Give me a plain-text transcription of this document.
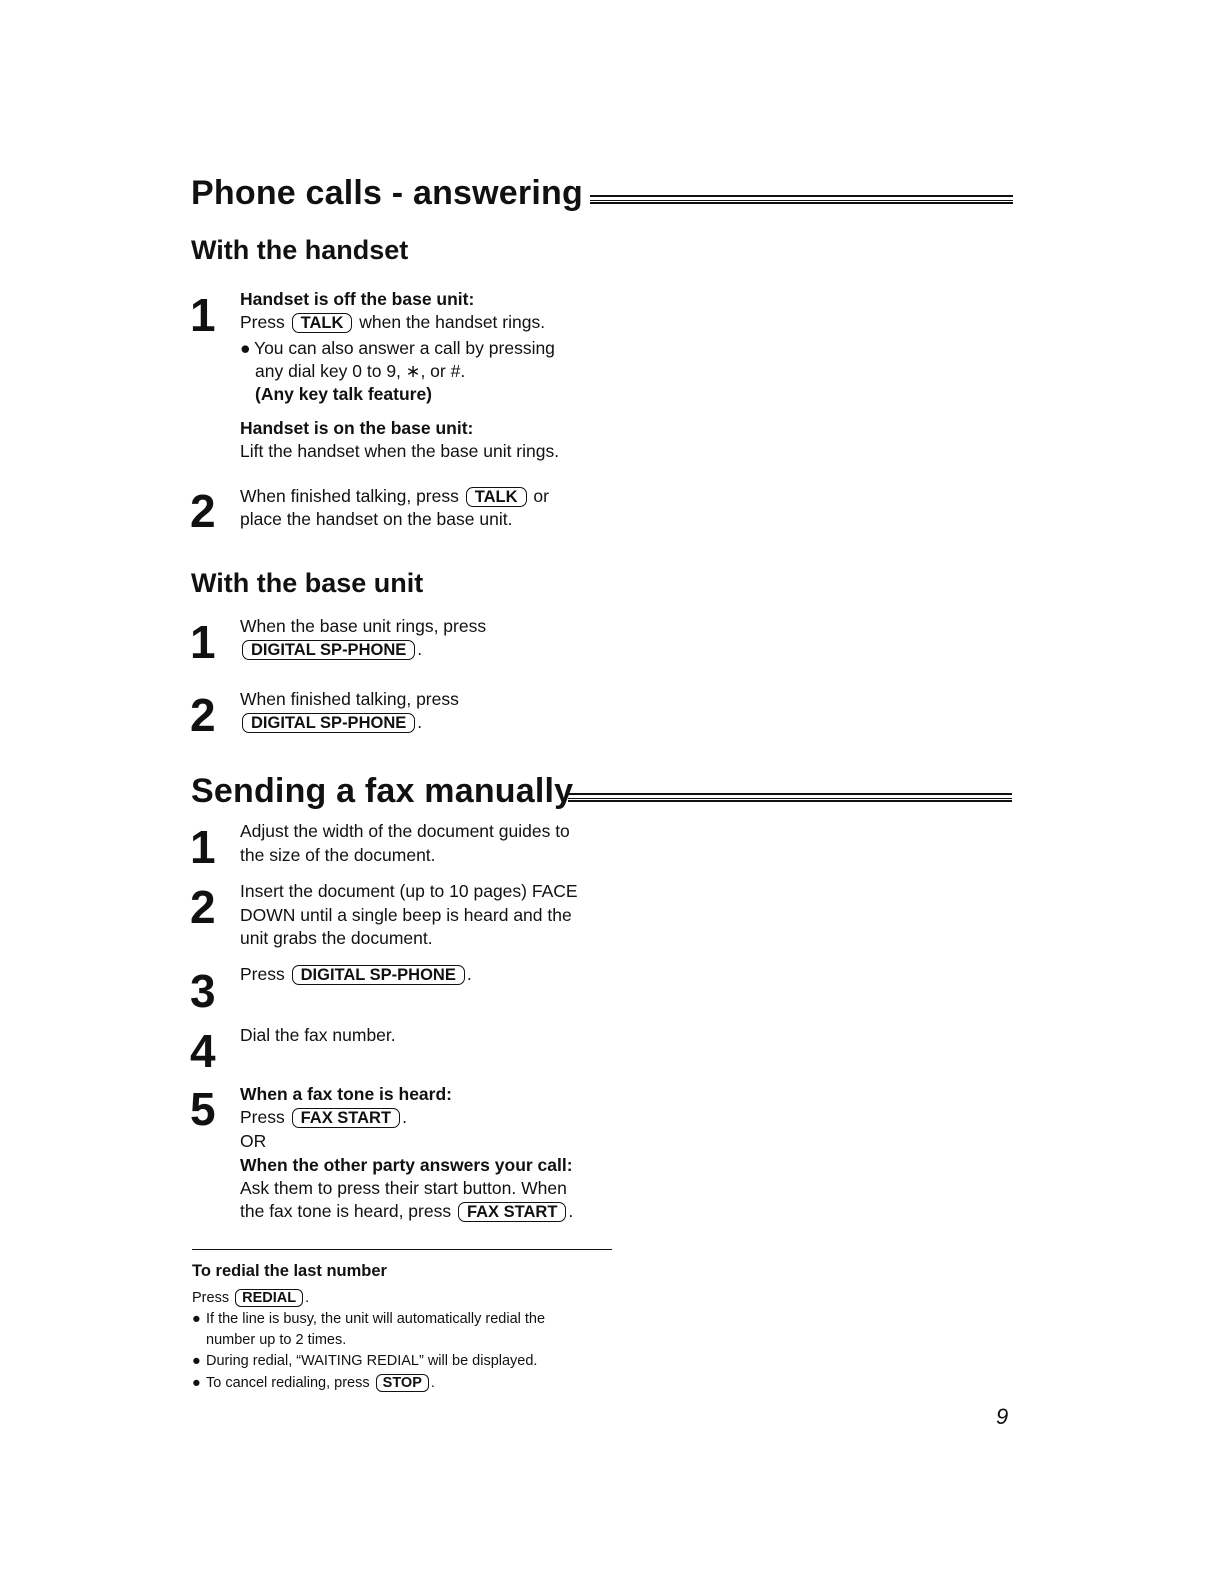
Phone calls - answering
With the handset
1 Handset is off the base unit:
Press TALK when the handset rings.
● You can also answer a call by pressing
any dial key 0 to 9, ∗, or #.
(Any key talk feature)
Handset is on the base unit:
Lift the handset when the base unit rings.
2 When finished talking, press TALK or
place the handset on the base unit.
With the base unit
1 When the base unit rings, press
DIGITAL SP-PHONE .
2 When finished talking, press
DIGITAL SP-PHONE .
Sending a fax manually
1 Adjust the width of the document guides to
the size of the document.
2 Insert the document (up to 10 pages) FACE
DOWN until a single beep is heard and the
unit grabs the document.
3 Press DIGITAL SP-PHONE .
4 Dial the fax number.
5 When a fax tone is heard:
Press FAX START .
OR
When the other party answers your call:
Ask them to press their start button. When
the fax tone is heard, press FAX START .
To redial the last number
Press REDIAL .
● If the line is busy, the unit will automatically redial the
number up to 2 times.
● During redial, “WAITING REDIAL” will be displayed.
● To cancel redialing, press STOP .
9
